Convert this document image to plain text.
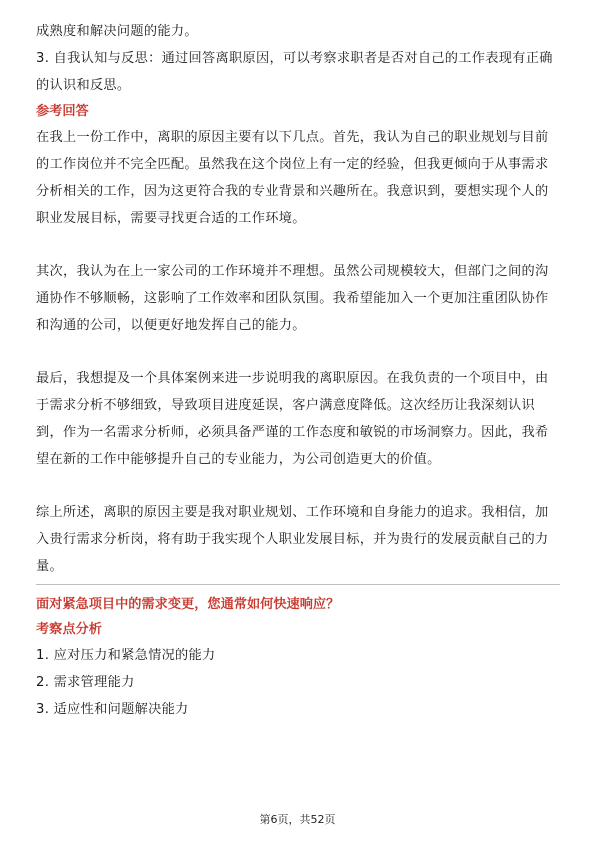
成熟度和解决问题的能力。

3. 自我认知与反思：通过回答离职原因，可以考察求职者是否对自己的工作表现有正确的认识和反思。

参考回答

在我上一份工作中，离职的原因主要有以下几点。首先，我认为自己的职业规划与目前的工作岗位并不完全匹配。虽然我在这个岗位上有一定的经验，但我更倾向于从事需求分析相关的工作，因为这更符合我的专业背景和兴趣所在。我意识到，要想实现个人的职业发展目标，需要寻找更合适的工作环境。

其次，我认为在上一家公司的工作环境并不理想。虽然公司规模较大，但部门之间的沟通协作不够顺畅，这影响了工作效率和团队氛围。我希望能加入一个更加注重团队协作和沟通的公司，以便更好地发挥自己的能力。

最后，我想提及一个具体案例来进一步说明我的离职原因。在我负责的一个项目中，由于需求分析不够细致，导致项目进度延误，客户满意度降低。这次经历让我深刻认识到，作为一名需求分析师，必须具备严谨的工作态度和敏锐的市场洞察力。因此，我希望在新的工作中能够提升自己的专业能力，为公司创造更大的价值。

综上所述，离职的原因主要是我对职业规划、工作环境和自身能力的追求。我相信，加入贵行需求分析岗，将有助于我实现个人职业发展目标，并为贵行的发展贡献自己的力量。

面对紧急项目中的需求变更，您通常如何快速响应？
考察点分析

1. 应对压力和紧急情况的能力

2. 需求管理能力

3. 适应性和问题解决能力

第6页，共52页
